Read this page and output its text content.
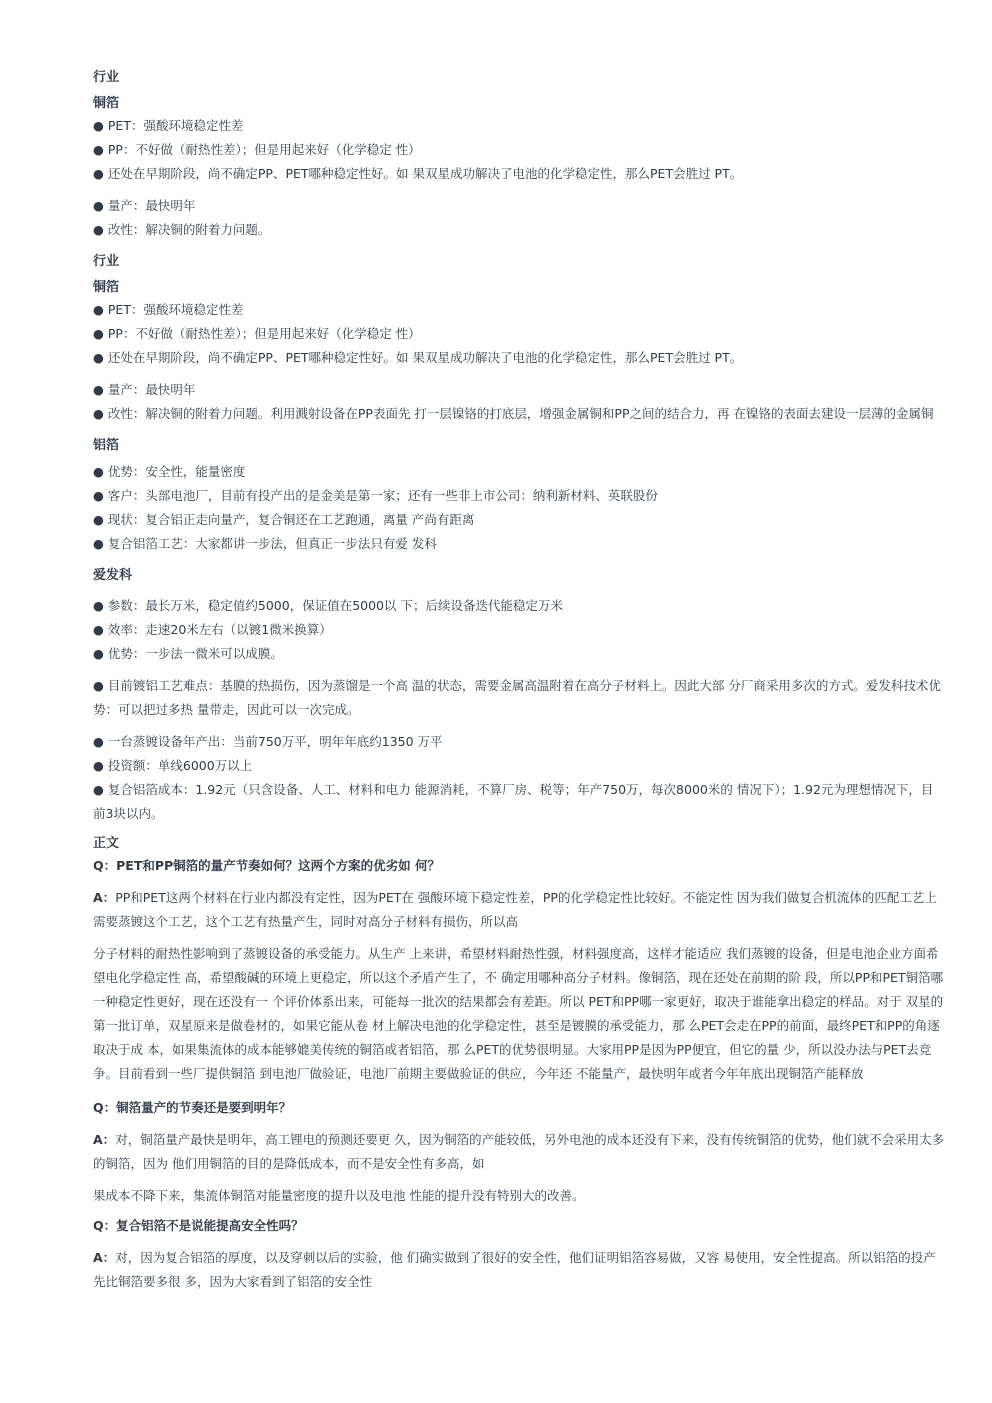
行业

铜箔

● PET：强酸环境稳定性差

● PP：不好做（耐热性差）；但是用起来好（化学稳定 性）

● 还处在早期阶段，尚不确定PP、PET哪种稳定性好。如 果双星成功解决了电池的化学稳定性，那么PET会胜过 PT。

● 量产：最快明年

● 改性：解决铜的附着力问题。

行业

铜箔

● PET：强酸环境稳定性差

● PP：不好做（耐热性差）；但是用起来好（化学稳定 性）

● 还处在早期阶段，尚不确定PP、PET哪种稳定性好。如 果双星成功解决了电池的化学稳定性，那么PET会胜过 PT。

● 量产：最快明年

● 改性：解决铜的附着力问题。利用溅射设备在PP表面先 打一层镍铬的打底层，增强金属铜和PP之间的结合力，再 在镍铬的表面去建设一层薄的金属铜

铝箔

● 优势：安全性，能量密度

● 客户：头部电池厂，目前有投产出的是金美是第一家；还有一些非上市公司：纳利新材料、英联股份

● 现状：复合铝正走向量产，复合铜还在工艺跑通，离量 产尚有距离

● 复合铝箔工艺：大家都讲一步法，但真正一步法只有爱 发科

爱发科

● 参数：最长万米，稳定值约5000，保证值在5000以 下；后续设备迭代能稳定万米

● 效率：走速20米左右（以镀1微米换算）

● 优势：一步法一微米可以成膜。

● 目前镀铝工艺难点：基膜的热损伤，因为蒸馏是一个高 温的状态，需要金属高温附着在高分子材料上。因此大部 分厂商采用多次的方式。爱发科技术优势：可以把过多热 量带走，因此可以一次完成。

● 一台蒸镀设备年产出：当前750万平，明年年底约1350 万平

● 投资额：单线6000万以上

● 复合铝箔成本：1.92元（只含设备、人工、材料和电力 能源消耗，不算厂房、税等；年产750万，每次8000米的 情况下）；1.92元为理想情况下，目前3块以内。

正文

Q：PET和PP铜箔的量产节奏如何？这两个方案的优劣如 何？

A：PP和PET这两个材料在行业内都没有定性，因为PET在 强酸环境下稳定性差，PP的化学稳定性比较好。不能定性 因为我们做复合机流体的匹配工艺上需要蒸镀这个工艺，这个工艺有热量产生，同时对高分子材料有损伤，所以高

分子材料的耐热性影响到了蒸镀设备的承受能力。从生产 上来讲，希望材料耐热性强，材料强度高，这样才能适应 我们蒸镀的设备，但是电池企业方面希望电化学稳定性 高，希望酸碱的环境上更稳定，所以这个矛盾产生了，不 确定用哪种高分子材料。像铜箔，现在还处在前期的阶 段，所以PP和PET铜箔哪一种稳定性更好，现在还没有一 个评价体系出来，可能每一批次的结果都会有差距。所以 PET和PP哪一家更好，取决于谁能拿出稳定的样品。对于 双星的第一批订单，双星原来是做卷材的，如果它能从卷 材上解决电池的化学稳定性，甚至是镀膜的承受能力，那 么PET会走在PP的前面，最终PET和PP的角逐取决于成 本，如果集流体的成本能够媲美传统的铜箔或者铝箔，那 么PET的优势很明显。大家用PP是因为PP便宜，但它的量 少，所以没办法与PET去竞争。目前看到一些厂提供铜箔 到电池厂做验证，电池厂前期主要做验证的供应，今年还 不能量产，最快明年或者今年年底出现铜箔产能释放

Q：铜箔量产的节奏还是要到明年？

A：对，铜箔量产最快是明年，高工锂电的预测还要更 久，因为铜箔的产能较低，另外电池的成本还没有下来，没有传统铜箔的优势，他们就不会采用太多的铜箔，因为 他们用铜箔的目的是降低成本，而不是安全性有多高，如

果成本不降下来，集流体铜箔对能量密度的提升以及电池 性能的提升没有特别大的改善。

Q：复合铝箔不是说能提高安全性吗？

A：对，因为复合铝箔的厚度，以及穿刺以后的实验，他 们确实做到了很好的安全性，他们证明铝箔容易做，又容 易使用，安全性提高。所以铝箔的投产先比铜箔要多很 多，因为大家看到了铝箔的安全性
